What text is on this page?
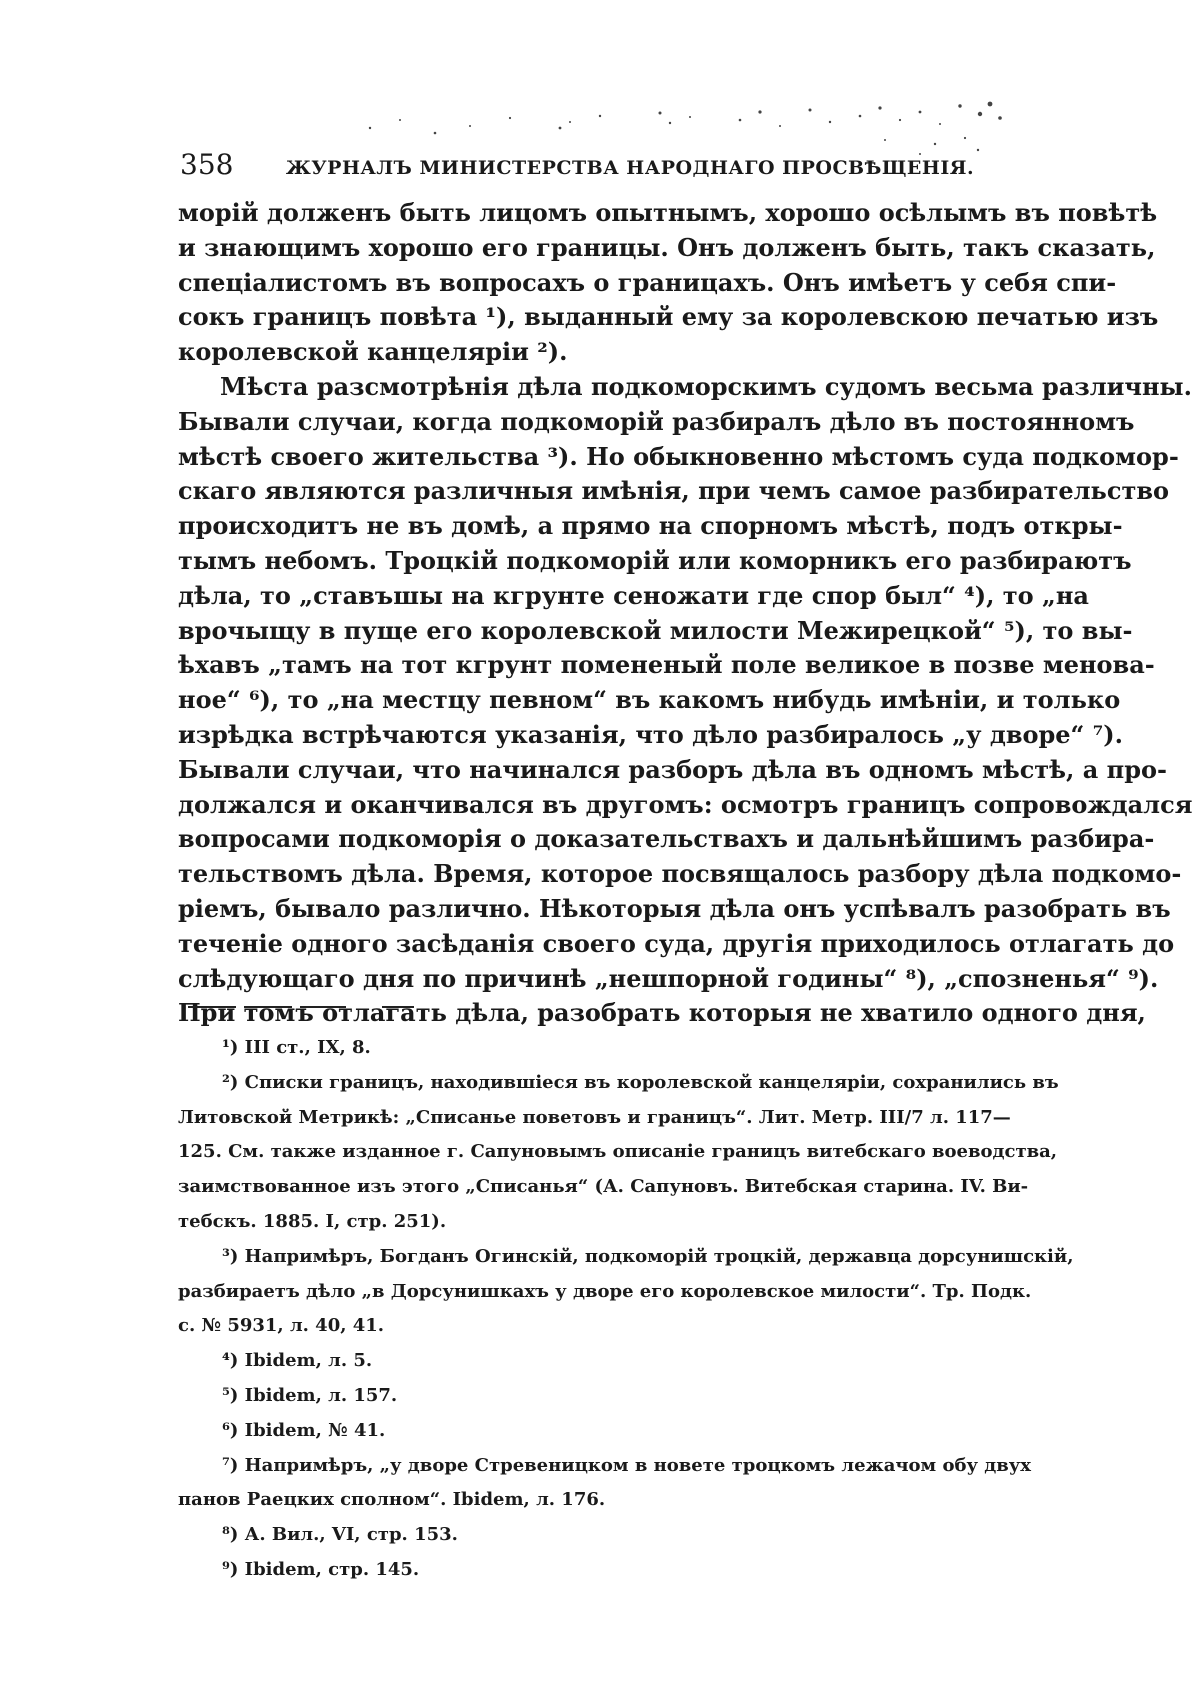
358	ЖУРНАЛЪ МИНИСТЕРСТВА НАРОДНАГО ПРОСВѢЩЕНІЯ.
морій долженъ быть лицомъ опытнымъ, хорошо осѣлымъ въ повѣтѣ
и знающимъ хорошо его границы. Онъ долженъ быть, такъ сказать,
спеціалистомъ въ вопросахъ о границахъ. Онъ имѣетъ у себя спи-
сокъ границъ повѣта ¹), выданный ему за королевскою печатью изъ
королевской канцеляріи ²).
Мѣста разсмотрѣнія дѣла подкоморскимъ судомъ весьма различны.
Бывали случаи, когда подкоморій разбиралъ дѣло въ постоянномъ
мѣстѣ своего жительства ³). Но обыкновенно мѣстомъ суда подкомор-
скаго являются различныя имѣнія, при чемъ самое разбирательство
происходитъ не въ домѣ, а прямо на спорномъ мѣстѣ, подъ откры-
тымъ небомъ. Троцкій подкоморій или коморникъ его разбираютъ
дѣла, то „ставъшы на кгрунте сеножати где спор был“ ⁴), то „на
врочыщу в пуще его королевской милости Межирецкой“ ⁵), то вы-
ѣхавъ „тамъ на тот кгрунт помененый поле великое в позве менова-
ное“ ⁶), то „на местцу певном“ въ какомъ нибудь имѣніи, и только
изрѣдка встрѣчаются указанія, что дѣло разбиралось „у дворе“ ⁷).
Бывали случаи, что начинался разборъ дѣла въ одномъ мѣстѣ, а про-
должался и оканчивался въ другомъ: осмотръ границъ сопровождался
вопросами подкоморія о доказательствахъ и дальнѣйшимъ разбира-
тельствомъ дѣла. Время, которое посвящалось разбору дѣла подкомо-
ріемъ, бывало различно. Нѣкоторыя дѣла онъ успѣвалъ разобрать въ
теченіе одного засѣданія своего суда, другія приходилось отлагать до
слѣдующаго дня по причинѣ „нешпорной годины“ ⁸), „спозненья“ ⁹).
При томъ отлагать дѣла, разобрать которыя не хватило одного дня,
¹) III ст., IX, 8.
²) Списки границъ, находившіеся въ королевской канцеляріи, сохранились въ
Литовской Метрикѣ: „Списанье поветовъ и границъ“. Лит. Метр. III/7 л. 117—
125. См. также изданное г. Сапуновымъ описаніе границъ витебскаго воеводства,
заимствованное изъ этого „Списанья“ (А. Сапуновъ. Витебская старина. IV. Ви-
тебскъ. 1885. I, стр. 251).
³) Напримѣръ, Богданъ Огинскій, подкоморій троцкій, державца дорсунишскій,
разбираетъ дѣло „в Дорсунишкахъ у дворе его королевское милости“. Тр. Подк.
с. № 5931, л. 40, 41.
⁴) Ibidem, л. 5.
⁵) Ibidem, л. 157.
⁶) Ibidem, № 41.
⁷) Напримѣръ, „у дворе Стревеницком в новете троцкомъ лежачом обу двух
панов Раецких сполном“. Ibidem, л. 176.
⁸) А. Вил., VI, стр. 153.
⁹) Ibidem, стр. 145.
